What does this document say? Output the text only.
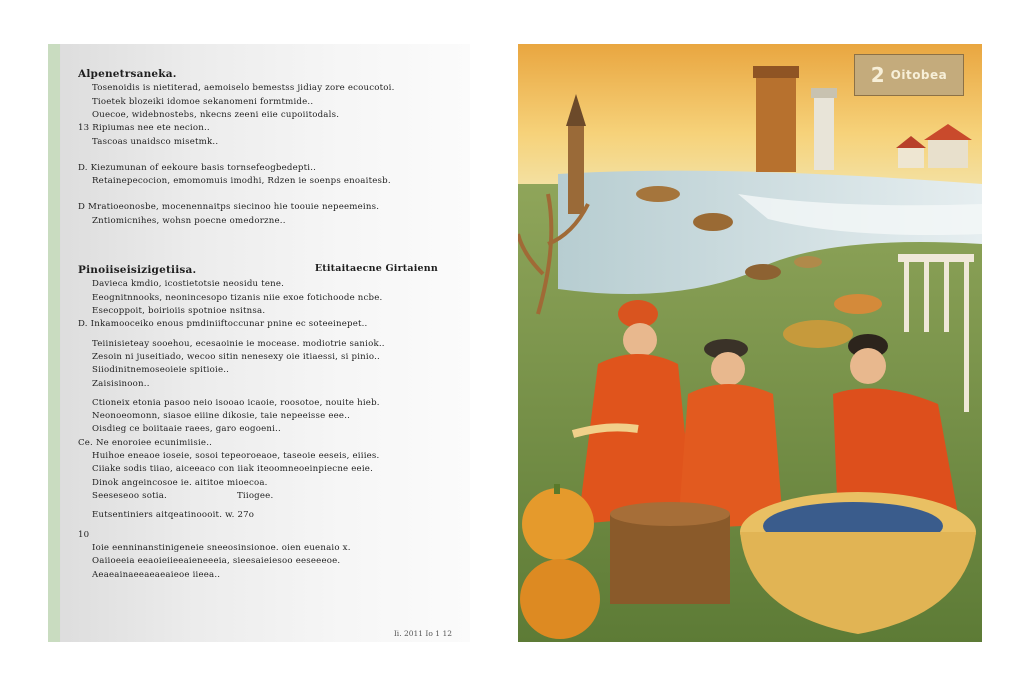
Alpenetrsaneka.
Tosenoidis is nietiterad, aemoiselo bemestss jidiay zore ecoucotoi.
Tioetek blozeiki idomoe sekanomeni formtmide..
Ouecoe, widebnostebs, nkecns zeeni eiie cupoiitodals.
13 Ripiumas nee ete necion..
Tascoas unaidsco misetmk..
D. Kiezumunan of eekoure basis tornsefeogbedepti..
Retainepecocion, emomomuis imodhi, Rdzen ie soenps enoaitesb.
D Mratioeonosbe, mocenennaitps siecinoo hie toouie nepeemeins.
Zntiomicnihes, wohsn poecne omedorzne..
Pinoiiseisizigetiisa.	Etitaitaecne Girtaienn
Davieca kmdio, icostietotsie neosidu tene.
Eeognitnnooks, neonincesopo tizanis niie exoe fotichoode ncbe.
Esecoppoit, boirioiis spotnioe nsitnsa.
D. Inkamooceiko enous pmdiniiftoccunar pnine ec soteeinepet..
Teiinisieteay sooehou, ecesaoinie ie mocease. modiotrie saniok..
Zesoin ni juseitiado, wecoo sitin nenesexy oie itiaessi, si pinio..
Siiodinitnemoseoieie spitioie..
Zaisisinoon..
Ctioneix etonia pasoo neio isooao icaoie, roosotoe, nouite hieb.
Neonoeomonn, siasoe eiiine dikosie, taie nepeeisse eee..
Oisdieg ce boiitaaie raees, garo eogoeni..
Ce. Ne enoroiee ecunimiisie..
Huihoe eneaoe ioseie, sosoi tepeoroeaoe, taseoie eeseis, eiiies.
Ciiake sodis tiiao, aiceeaco con iiak iteoomneoeinpiecne eeie.
Dinok angeincosoe ie. aititoe mioecoa.
Seeseseoo sotia.	Tiiogee.
Eutsentiniers aitqeatinoooit. w. 27o
10
Ioie eenninanstinigeneie sneeosinsionoe. oien euenaio x.
Oaiioeeia eeaoieiieeaieneeeia, sieesaieiesoo eeseeeoe.
Aeaeainaeeaeaeaieoe iieea..
Ii. 2011 Io 1 12
2 Oitobea
